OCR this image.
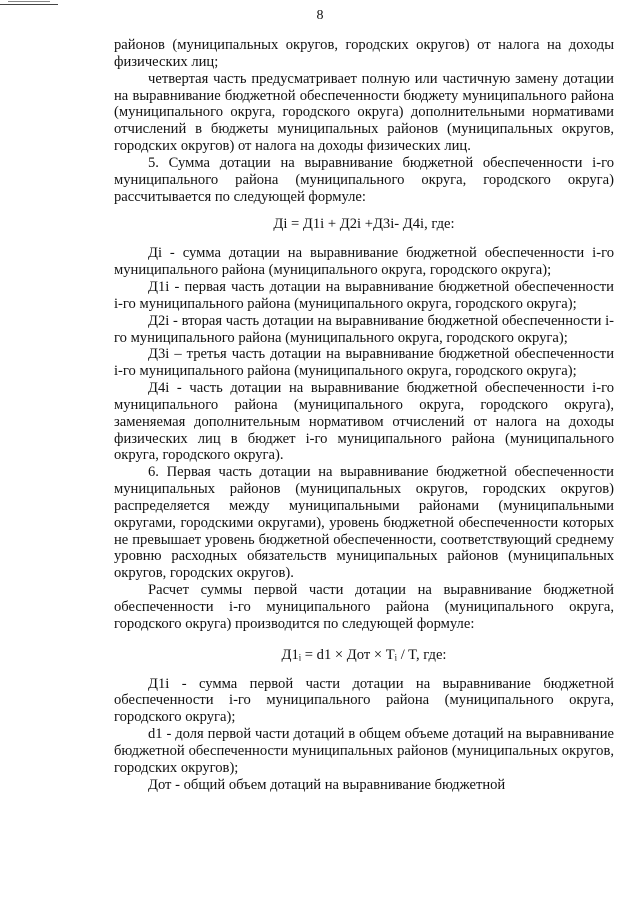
8

районов (муниципальных округов, городских округов) от налога на доходы физических лиц;

четвертая часть предусматривает полную или частичную замену дотации на выравнивание бюджетной обеспеченности бюджету муниципального района (муниципального округа, городского округа) дополнительными нормативами отчислений в бюджеты муниципальных районов (муниципальных округов, городских округов) от налога на доходы физических лиц.

5. Сумма дотации на выравнивание бюджетной обеспеченности i-го муниципального района (муниципального округа, городского округа) рассчитывается по следующей формуле:

Дi = Д1i + Д2i +Д3i- Д4i, где:

Дi - сумма дотации на выравнивание бюджетной обеспеченности i-го муниципального района (муниципального округа, городского округа);

Д1i - первая часть дотации на выравнивание бюджетной обеспеченности i-го муниципального района (муниципального округа, городского округа);

Д2i - вторая часть дотации на выравнивание бюджетной обеспеченности i-го муниципального района (муниципального округа, городского округа);

Д3i – третья часть дотации на выравнивание бюджетной обеспеченности i-го муниципального района (муниципального округа, городского округа);

Д4i - часть дотации на выравнивание бюджетной обеспеченности i-го муниципального района (муниципального округа, городского округа), заменяемая дополнительным нормативом отчислений от налога на доходы физических лиц в бюджет i-го муниципального района (муниципального округа, городского округа).

6. Первая часть дотации на выравнивание бюджетной обеспеченности муниципальных районов (муниципальных округов, городских округов) распределяется между муниципальными районами (муниципальными округами, городскими округами), уровень бюджетной обеспеченности которых не превышает уровень бюджетной обеспеченности, соответствующий среднему уровню расходных обязательств муниципальных районов (муниципальных округов, городских округов).

Расчет суммы первой части дотации на выравнивание бюджетной обеспеченности i-го муниципального района (муниципального округа, городского округа) производится по следующей формуле:

Д1ᵢ = d1 × Дот × Tᵢ / T, где:

Д1i - сумма первой части дотации на выравнивание бюджетной обеспеченности i-го муниципального района (муниципального округа, городского округа);

d1 - доля первой части дотаций в общем объеме дотаций на выравнивание бюджетной обеспеченности муниципальных районов (муниципальных округов, городских округов);

Дот - общий объем дотаций на выравнивание бюджетной
